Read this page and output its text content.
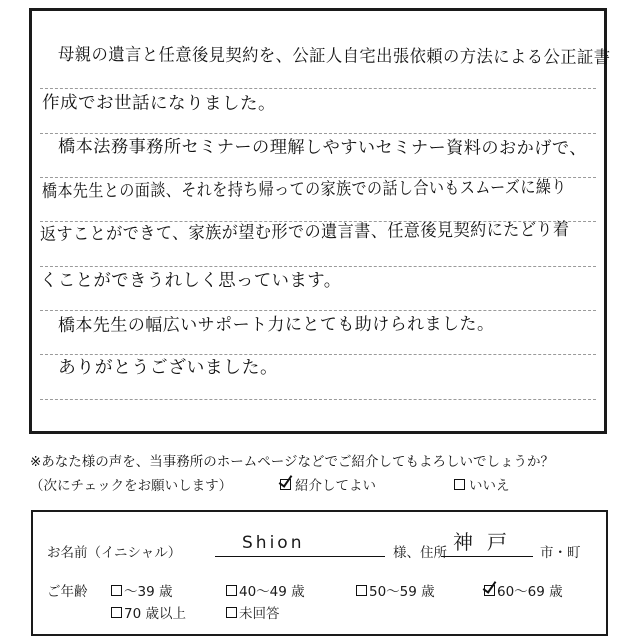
母親の遺言と任意後見契約を、公証人自宅出張依頼の方法による公正証書
作成でお世話になりました。
橋本法務事務所セミナーの理解しやすいセミナー資料のおかげで、
橋本先生との面談、それを持ち帰っての家族での話し合いもスムーズに繰り
返すことができて、家族が望む形での遺言書、任意後見契約にたどり着
くことができうれしく思っています。
橋本先生の幅広いサポート力にとても助けられました。
ありがとうございました。
※あなた様の声を、当事務所のホームページなどでご紹介してもよろしいでしょうか？
（次にチェックをお願いします）	紹介してよい	いいえ
お名前（イニシャル）	Shion	様、住所 神戸 市・町
ご年齢	～39 歳	40～49 歳	50～59 歳	60～69 歳
70 歳以上	未回答
